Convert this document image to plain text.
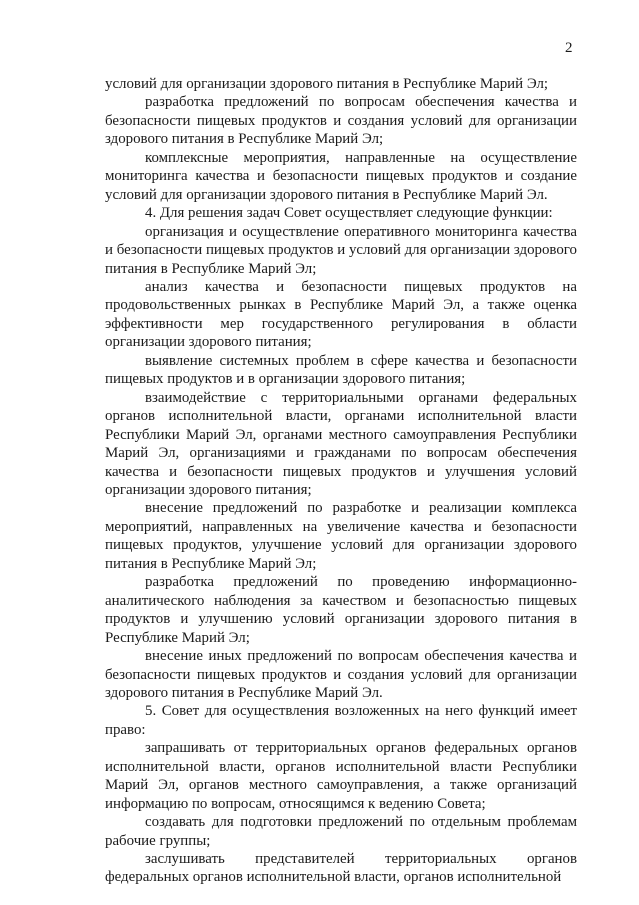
2

условий для организации здорового питания в Республике Марий Эл;

разработка предложений по вопросам обеспечения качества и безопасности пищевых продуктов и создания условий для организации здорового питания в Республике Марий Эл;

комплексные мероприятия, направленные на осуществление мониторинга качества и безопасности пищевых продуктов и создание условий для организации здорового питания в Республике Марий Эл.

4. Для решения задач Совет осуществляет следующие функции:

организация и осуществление оперативного мониторинга качества и безопасности пищевых продуктов и условий для организации здорового питания в Республике Марий Эл;

анализ качества и безопасности пищевых продуктов на продовольственных рынках в Республике Марий Эл, а также оценка эффективности мер государственного регулирования в области организации здорового питания;

выявление системных проблем в сфере качества и безопасности пищевых продуктов и в организации здорового питания;

взаимодействие с территориальными органами федеральных органов исполнительной власти, органами исполнительной власти Республики Марий Эл, органами местного самоуправления Республики Марий Эл, организациями и гражданами по вопросам обеспечения качества и безопасности пищевых продуктов и улучшения условий организации здорового питания;

внесение предложений по разработке и реализации комплекса мероприятий, направленных на увеличение качества и безопасности пищевых продуктов, улучшение условий для организации здорового питания в Республике Марий Эл;

разработка предложений по проведению информационно-аналитического наблюдения за качеством и безопасностью пищевых продуктов и улучшению условий организации здорового питания в Республике Марий Эл;

внесение иных предложений по вопросам обеспечения качества и безопасности пищевых продуктов и создания условий для организации здорового питания в Республике Марий Эл.

5. Совет для осуществления возложенных на него функций имеет право:

запрашивать от территориальных органов федеральных органов исполнительной власти, органов исполнительной власти Республики Марий Эл, органов местного самоуправления, а также организаций информацию по вопросам, относящимся к ведению Совета;

создавать для подготовки предложений по отдельным проблемам рабочие группы;

заслушивать представителей территориальных органов федеральных органов исполнительной власти, органов исполнительной
